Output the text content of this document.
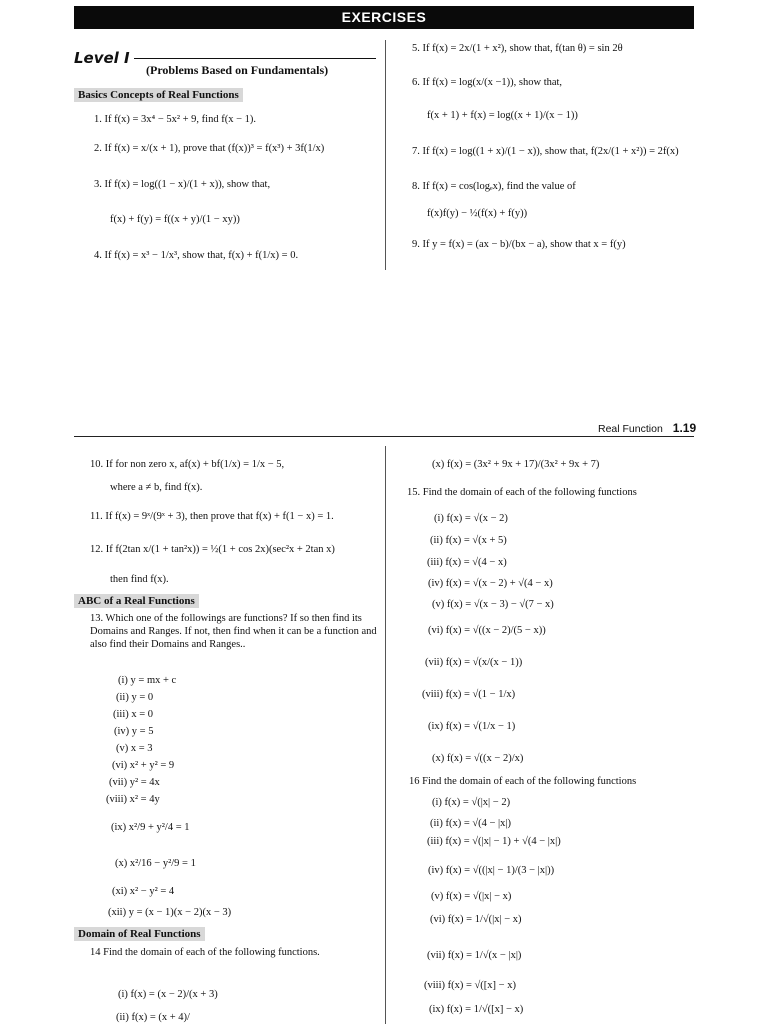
EXERCISES
Level I
(Problems Based on Fundamentals)
Basics Concepts of Real Functions
1. If f(x) = 3x⁴ − 5x² + 9, find f(x − 1).
2. If f(x) = x/(x + 1), prove that (f(x))³ = f(x³) + 3f(1/x)
3. If f(x) = log((1 − x)/(1 + x)), show that,
f(x) + f(y) = f((x + y)/(1 − xy))
4. If f(x) = x³ − 1/x³, show that, f(x) + f(1/x) = 0.
5. If f(x) = 2x/(1 + x²), show that, f(tan θ) = sin 2θ
6. If f(x) = log(x/(x −1)), show that,
f(x + 1) + f(x) = log((x + 1)/(x − 1))
7. If f(x) = log((1 + x)/(1 − x)), show that, f(2x/(1 + x²)) = 2f(x)
8. If f(x) = cos(logₑx), find the value of
f(x)f(y) − ½(f(x) + f(y))
9. If y = f(x) = (ax − b)/(bx − a), show that x = f(y)
Real Function 1.19
10. If for non zero x, af(x) + bf(1/x) = 1/x − 5,
where a ≠ b, find f(x).
11. If f(x) = 9ˣ/(9ˣ + 3), then prove that f(x) + f(1 − x) = 1.
12. If f(2tan x/(1 + tan²x)) = ½(1 + cos 2x)(sec²x + 2tan x)
then find f(x).
ABC of a Real Functions
13. Which one of the followings are functions? If so then find its Domains and Ranges. If not, then find when it can be a function and also find their Domains and Ranges..
(i) y = mx + c
(ii) y = 0
(iii) x = 0
(iv) y = 5
(v) x = 3
(vi) x² + y² = 9
(vii) y² = 4x
(viii) x² = 4y
(ix) x²/9 + y²/4 = 1
(x) x²/16 − y²/9 = 1
(xi) x² − y² = 4
(xii) y = (x − 1)(x − 2)(x − 3)
Domain of Real Functions
14 Find the domain of each of the following functions.
(i) f(x) = (x − 2)/(x + 3)
(ii) f(x) = (x + 4)/
(x) f(x) = (3x² + 9x + 17)/(3x² + 9x + 7)
15. Find the domain of each of the following functions
(i) f(x) = √(x − 2)
(ii) f(x) = √(x + 5)
(iii) f(x) = √(4 − x)
(iv) f(x) = √(x − 2) + √(4 − x)
(v) f(x) = √(x − 3) − √(7 − x)
(vi) f(x) = √((x − 2)/(5 − x))
(vii) f(x) = √(x/(x − 1))
(viii) f(x) = √(1 − 1/x)
(ix) f(x) = √(1/x − 1)
(x) f(x) = √((x − 2)/x)
16 Find the domain of each of the following functions
(i) f(x) = √(|x| − 2)
(ii) f(x) = √(4 − |x|)
(iii) f(x) = √(|x| − 1) + √(4 − |x|)
(iv) f(x) = √((|x| − 1)/(3 − |x|))
(v) f(x) = √(|x| − x)
(vi) f(x) = 1/√(|x| − x)
(vii) f(x) = 1/√(x − |x|)
(viii) f(x) = √([x] − x)
(ix) f(x) = 1/√([x] − x)
